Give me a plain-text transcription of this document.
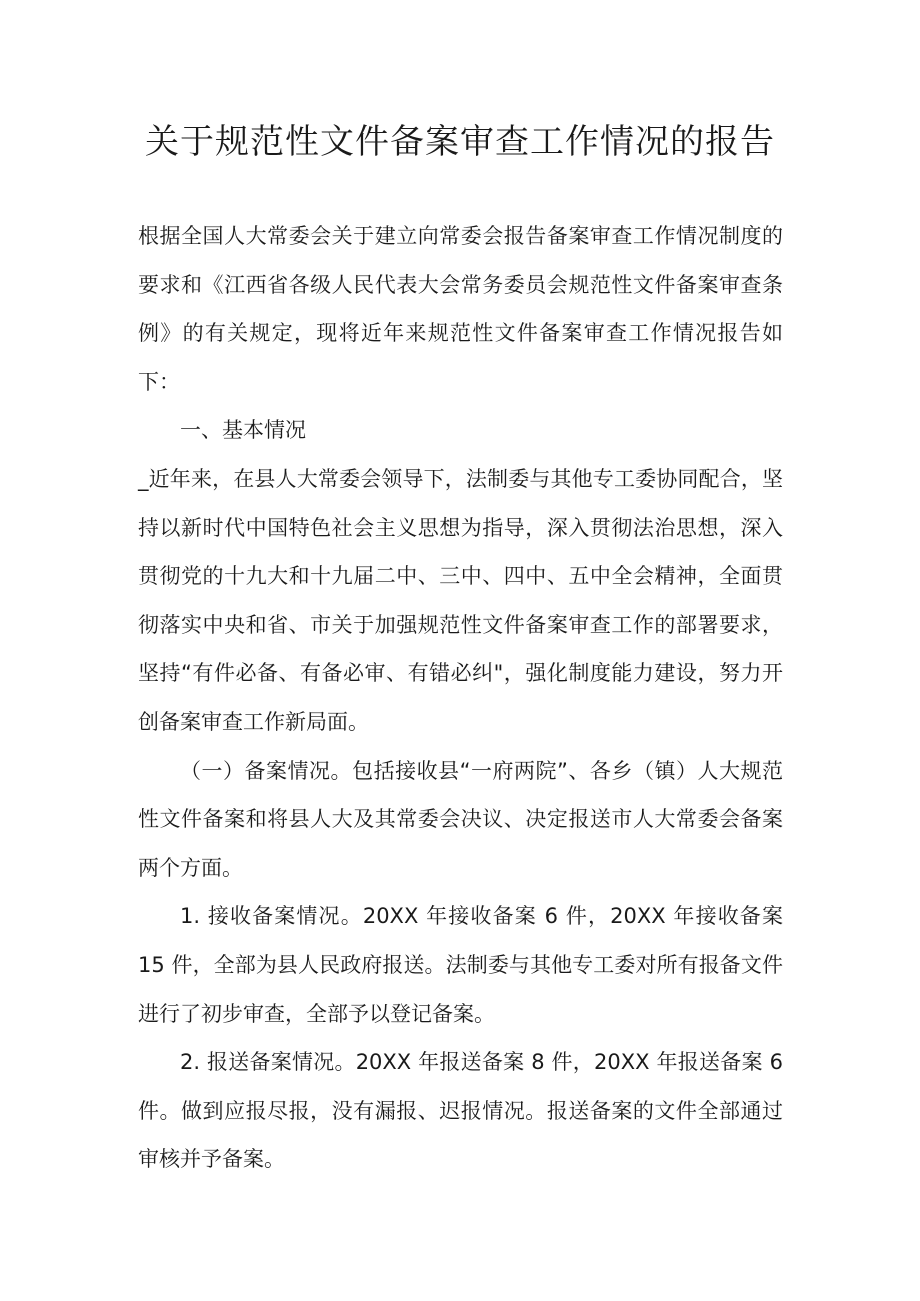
关于规范性文件备案审查工作情况的报告

根据全国人大常委会关于建立向常委会报告备案审查工作情况制度的要求和《江西省各级人民代表大会常务委员会规范性文件备案审查条例》的有关规定，现将近年来规范性文件备案审查工作情况报告如下：

一、基本情况

_近年来，在县人大常委会领导下，法制委与其他专工委协同配合，坚持以新时代中国特色社会主义思想为指导，深入贯彻法治思想，深入贯彻党的十九大和十九届二中、三中、四中、五中全会精神，全面贯彻落实中央和省、市关于加强规范性文件备案审查工作的部署要求，坚持“有件必备、有备必审、有错必纠"，强化制度能力建设，努力开创备案审查工作新局面。

（一）备案情况。包括接收县“一府两院”、各乡（镇）人大规范性文件备案和将县人大及其常委会决议、决定报送市人大常委会备案两个方面。

1. 接收备案情况。20XX 年接收备案 6 件，20XX 年接收备案 15 件，全部为县人民政府报送。法制委与其他专工委对所有报备文件进行了初步审查，全部予以登记备案。

2. 报送备案情况。20XX 年报送备案 8 件，20XX 年报送备案 6 件。做到应报尽报，没有漏报、迟报情况。报送备案的文件全部通过审核并予备案。
